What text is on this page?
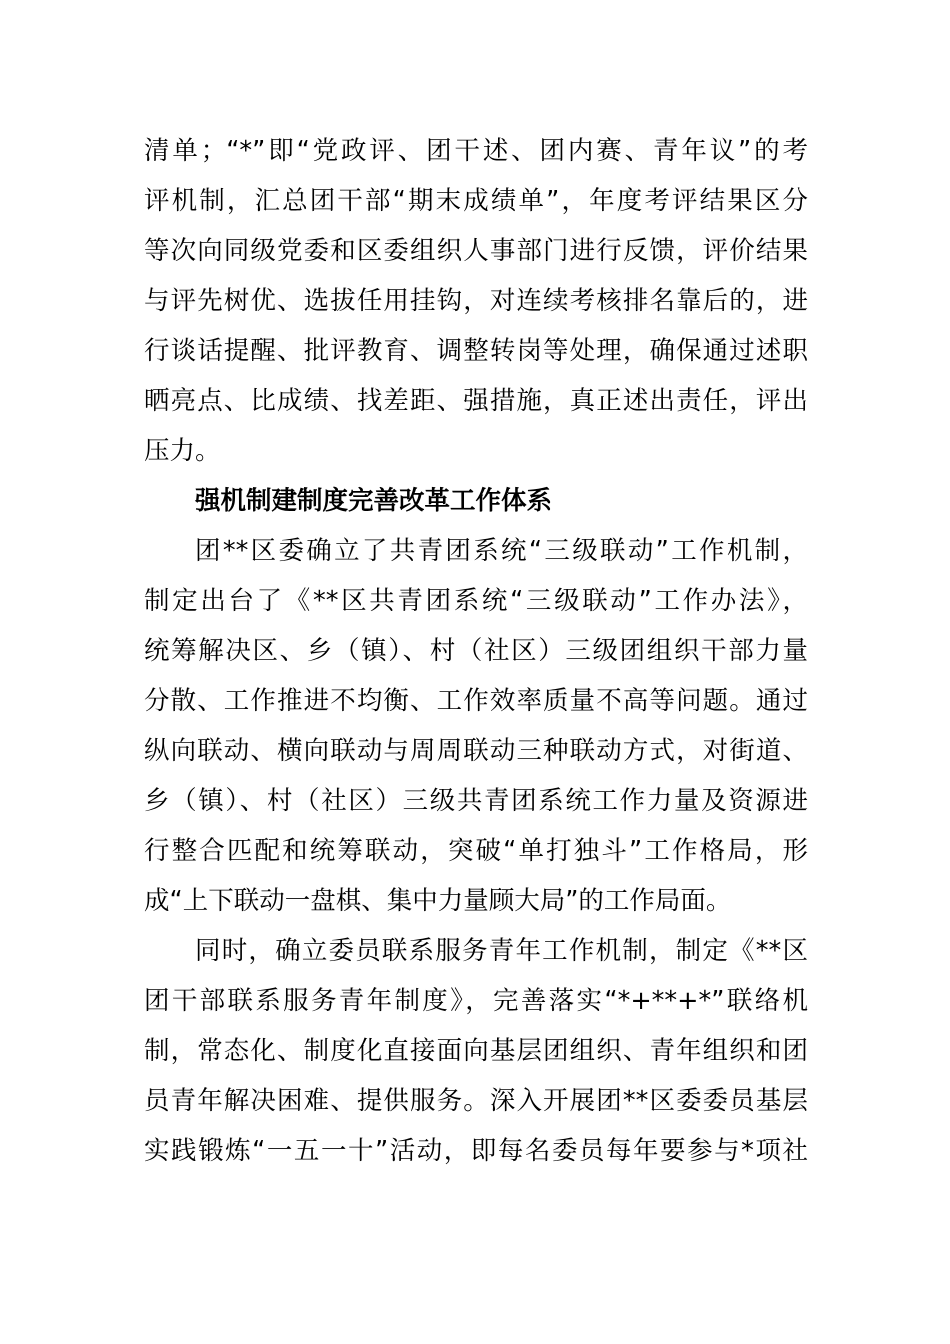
清单；“*”即“党政评、团干述、团内赛、青年议”的考
评机制，汇总团干部“期末成绩单”，年度考评结果区分
等次向同级党委和区委组织人事部门进行反馈，评价结果
与评先树优、选拔任用挂钩，对连续考核排名靠后的，进
行谈话提醒、批评教育、调整转岗等处理，确保通过述职
晒亮点、比成绩、找差距、强措施，真正述出责任，评出
压力。
强机制建制度完善改革工作体系
团**区委确立了共青团系统“三级联动”工作机制，
制定出台了《**区共青团系统“三级联动”工作办法》，
统筹解决区、乡（镇）、村（社区）三级团组织干部力量
分散、工作推进不均衡、工作效率质量不高等问题。通过
纵向联动、横向联动与周周联动三种联动方式，对街道、
乡（镇）、村（社区）三级共青团系统工作力量及资源进
行整合匹配和统筹联动，突破“单打独斗”工作格局，形
成“上下联动一盘棋、集中力量顾大局”的工作局面。
同时，确立委员联系服务青年工作机制，制定《**区
团干部联系服务青年制度》，完善落实“*+**+*”联络机
制，常态化、制度化直接面向基层团组织、青年组织和团
员青年解决困难、提供服务。深入开展团**区委委员基层
实践锻炼“一五一十”活动，即每名委员每年要参与*项社
